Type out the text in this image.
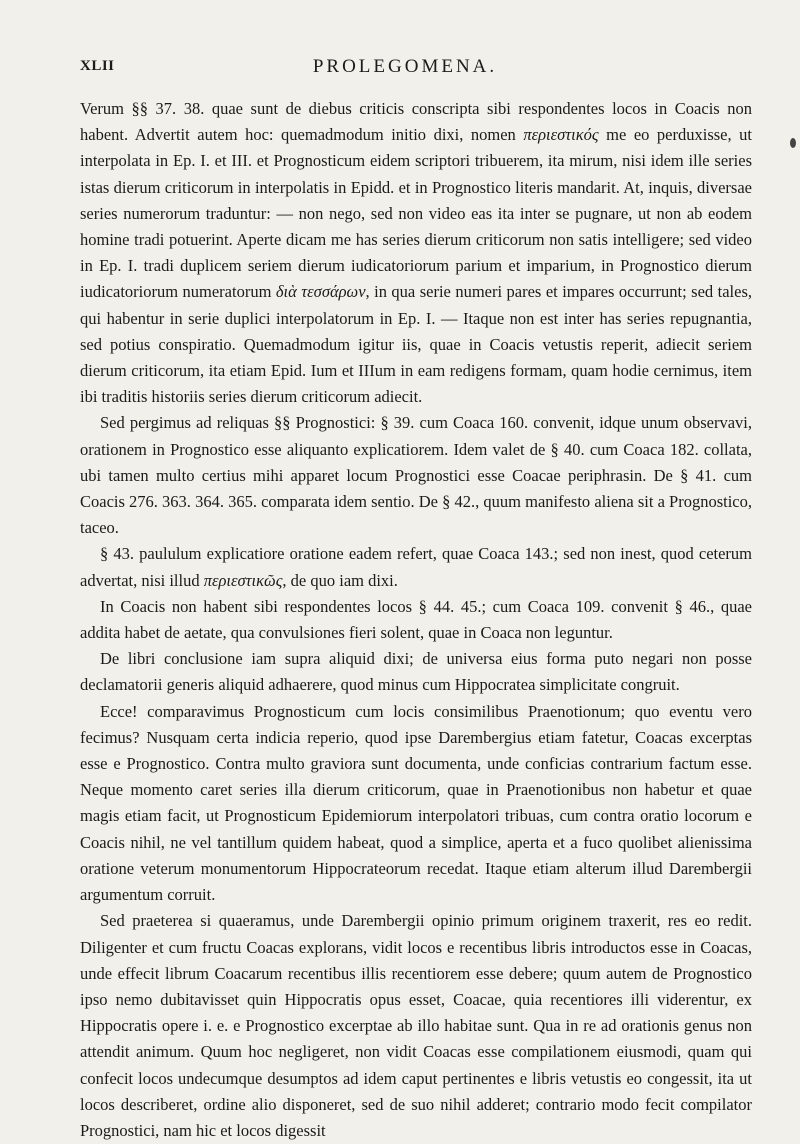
XLII	PROLEGOMENA.

Verum §§ 37. 38. quae sunt de diebus criticis conscripta sibi respondentes locos in Coacis non habent. Advertit autem hoc: quemadmodum initio dixi, nomen περιεστικός me eo perduxisse, ut interpolata in Ep. I. et III. et Prognosticum eidem scriptori tribuerem, ita mirum, nisi idem ille series istas dierum criticorum in interpolatis in Epidd. et in Prognostico literis mandarit. At, inquis, diversae series numerorum traduntur: — non nego, sed non video eas ita inter se pugnare, ut non ab eodem homine tradi potuerint. Aperte dicam me has series dierum criticorum non satis intelligere; sed video in Ep. I. tradi duplicem seriem dierum iudicatoriorum parium et imparium, in Prognostico dierum iudicatoriorum numeratorum διὰ τεσσάρων, in qua serie numeri pares et impares occurrunt; sed tales, qui habentur in serie duplici interpolatorum in Ep. I. — Itaque non est inter has series repugnantia, sed potius conspiratio. Quemadmodum igitur iis, quae in Coacis vetustis reperit, adiecit seriem dierum criticorum, ita etiam Epid. Ium et IIIum in eam redigens formam, quam hodie cernimus, item ibi traditis historiis series dierum criticorum adiecit.

Sed pergimus ad reliquas §§ Prognostici: § 39. cum Coaca 160. convenit, idque unum observavi, orationem in Prognostico esse aliquanto explicatiorem. Idem valet de § 40. cum Coaca 182. collata, ubi tamen multo certius mihi apparet locum Prognostici esse Coacae periphrasin. De § 41. cum Coacis 276. 363. 364. 365. comparata idem sentio. De § 42., quum manifesto aliena sit a Prognostico, taceo.

§ 43. paululum explicatiore oratione eadem refert, quae Coaca 143.; sed non inest, quod ceterum advertat, nisi illud περιεστικῶς, de quo iam dixi.

In Coacis non habent sibi respondentes locos § 44. 45.; cum Coaca 109. convenit § 46., quae addita habet de aetate, qua convulsiones fieri solent, quae in Coaca non leguntur.

De libri conclusione iam supra aliquid dixi; de universa eius forma puto negari non posse declamatorii generis aliquid adhaerere, quod minus cum Hippocratea simplicitate congruit.

Ecce! comparavimus Prognosticum cum locis consimilibus Praenotionum; quo eventu vero fecimus? Nusquam certa indicia reperio, quod ipse Darembergius etiam fatetur, Coacas excerptas esse e Prognostico. Contra multo graviora sunt documenta, unde conficias contrarium factum esse. Neque momento caret series illa dierum criticorum, quae in Praenotionibus non habetur et quae magis etiam facit, ut Prognosticum Epidemiorum interpolatori tribuas, cum contra oratio locorum e Coacis nihil, ne vel tantillum quidem habeat, quod a simplice, aperta et a fuco quolibet alienissima oratione veterum monumentorum Hippocrateorum recedat. Itaque etiam alterum illud Darembergii argumentum corruit.

Sed praeterea si quaeramus, unde Darembergii opinio primum originem traxerit, res eo redit. Diligenter et cum fructu Coacas explorans, vidit locos e recentibus libris introductos esse in Coacas, unde effecit librum Coacarum recentibus illis recentiorem esse debere; quum autem de Prognostico ipso nemo dubitavisset quin Hippocratis opus esset, Coacae, quia recentiores illi viderentur, ex Hippocratis opere i. e. e Prognostico excerptae ab illo habitae sunt. Qua in re ad orationis genus non attendit animum. Quum hoc negligeret, non vidit Coacas esse compilationem eiusmodi, quam qui confecit locos undecumque desumptos ad idem caput pertinentes e libris vetustis eo congessit, ita ut locos describeret, ordine alio disponeret, sed de suo nihil adderet; contrario modo fecit compilator Prognostici, nam hic et locos digessit
